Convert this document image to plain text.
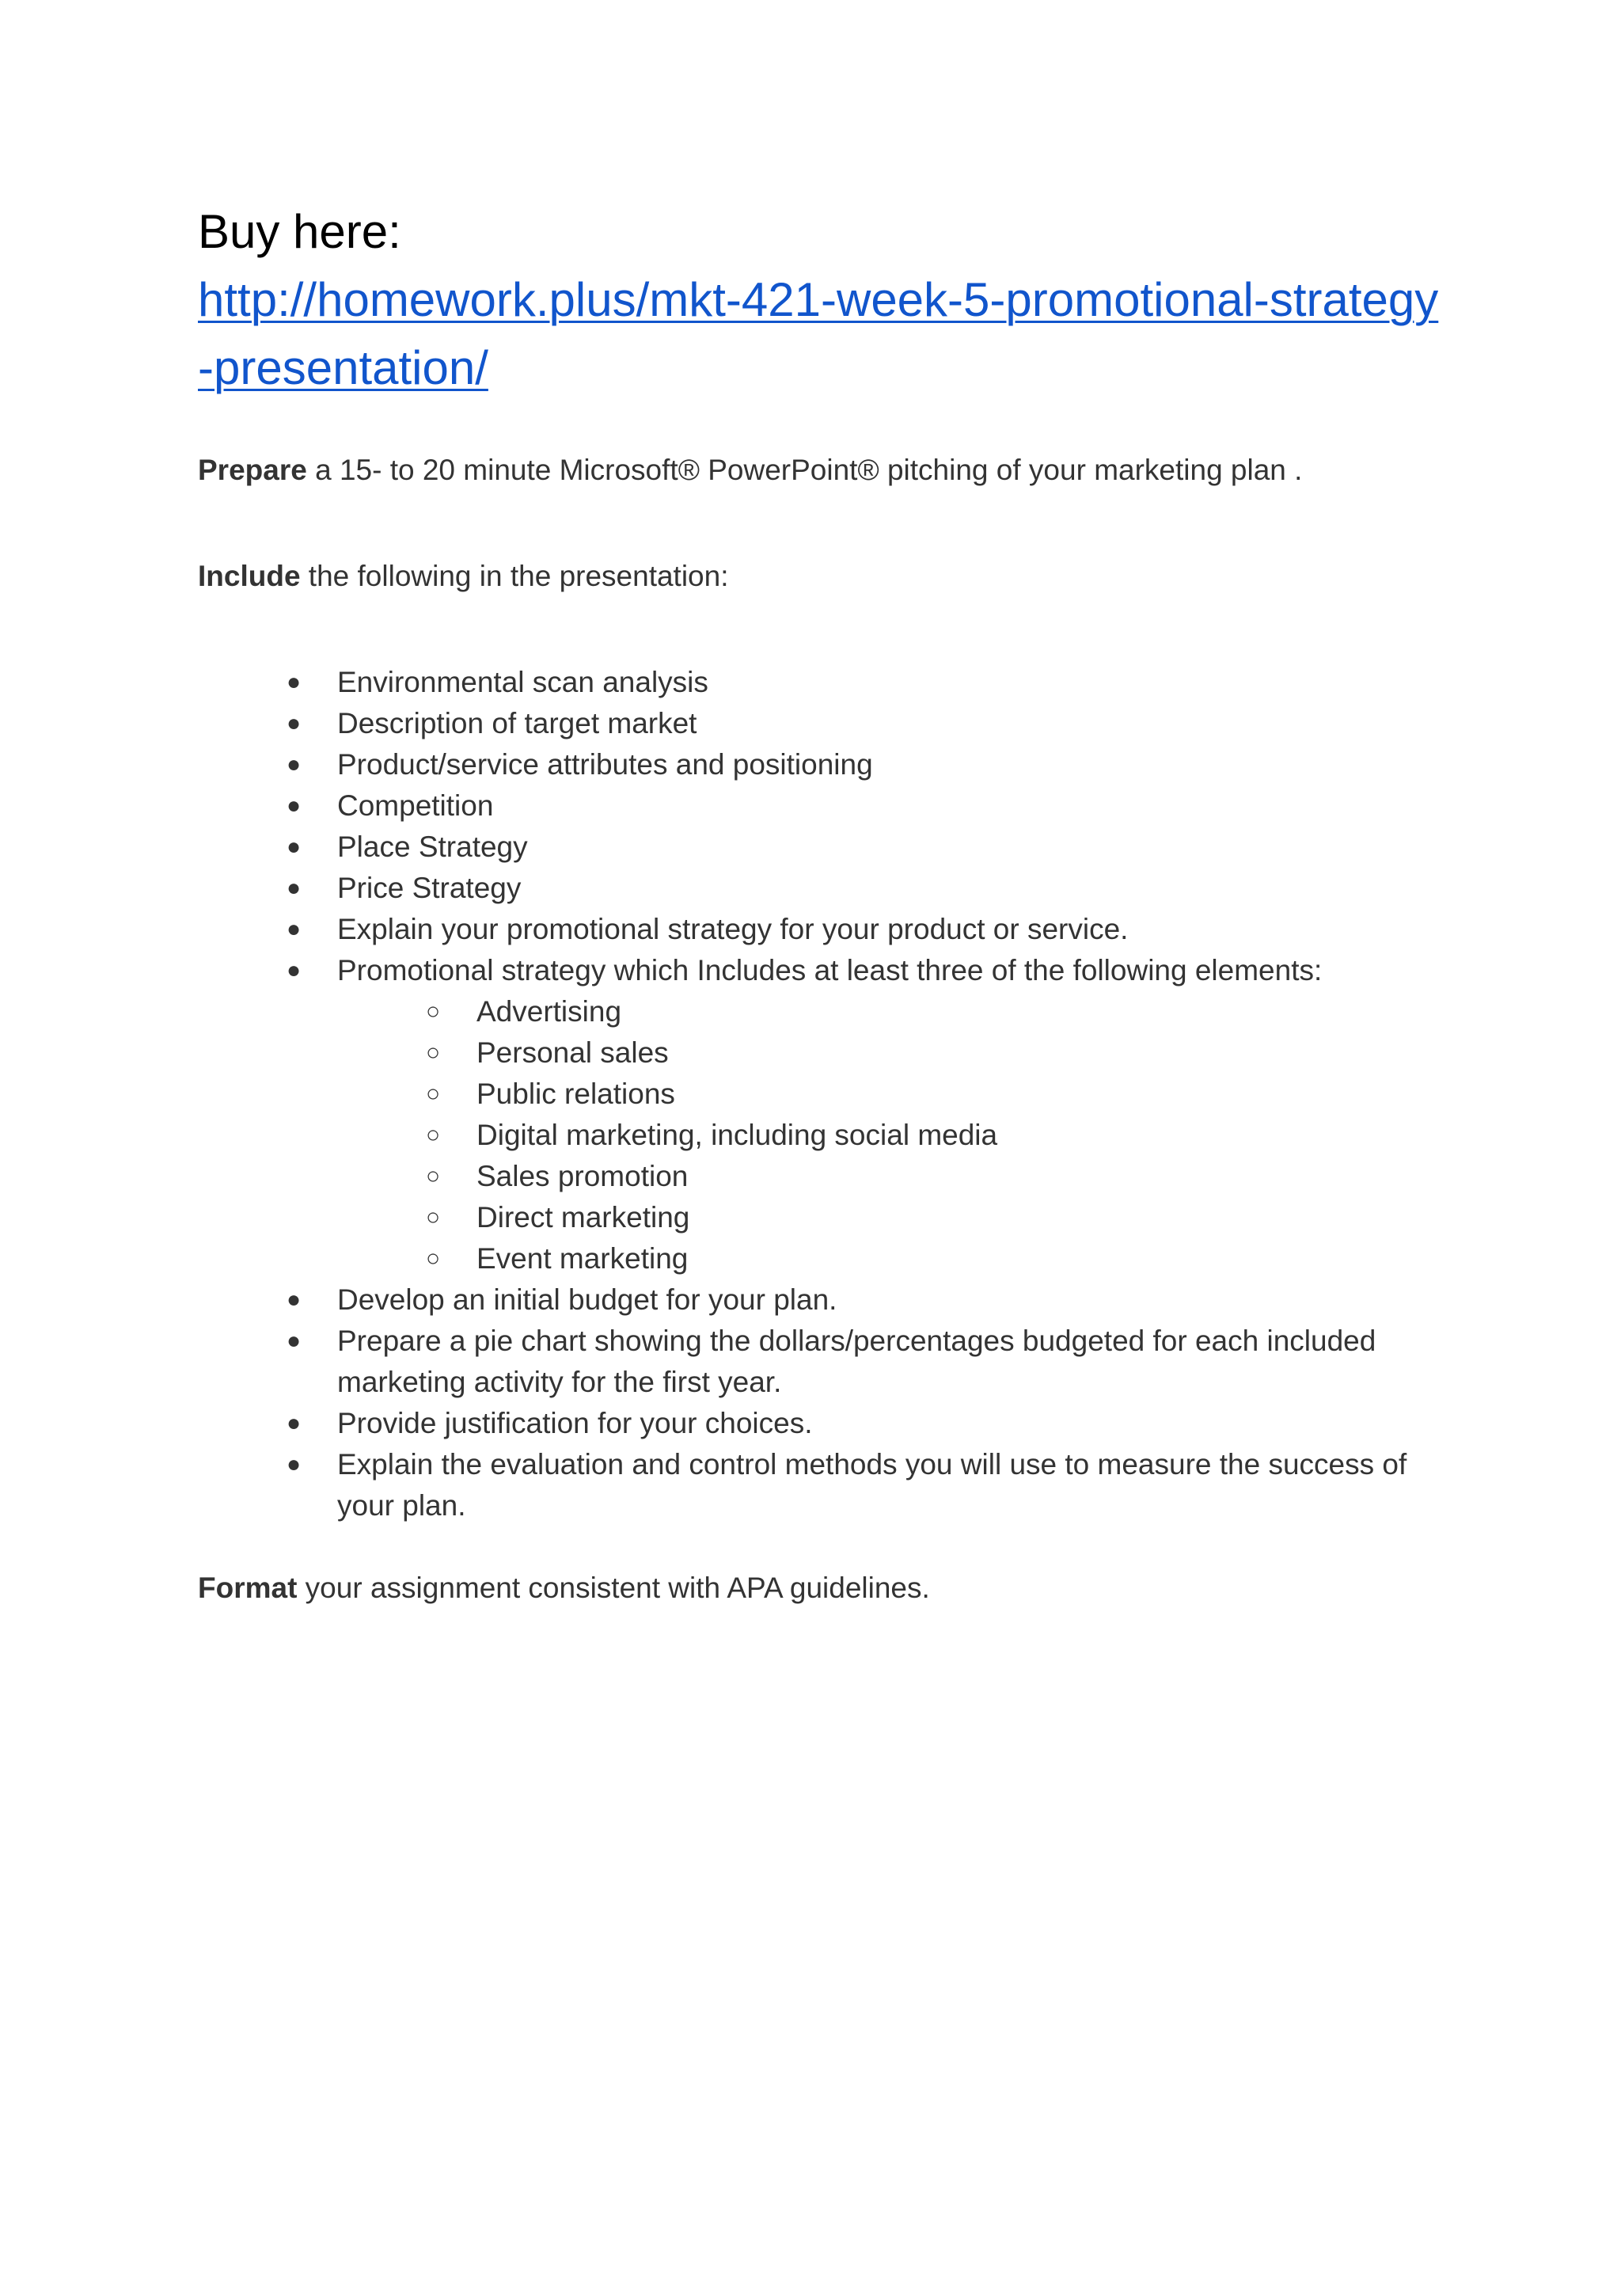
Buy here:
http://homework.plus/mkt-421-week-5-promotional-strategy-presentation/

Prepare a 15- to 20 minute Microsoft® PowerPoint® pitching of your marketing plan .

Include the following in the presentation:

● Environmental scan analysis
● Description of target market
● Product/service attributes and positioning
● Competition
● Place Strategy
● Price Strategy
● Explain your promotional strategy for your product or service.
● Promotional strategy which Includes at least three of the following elements:
○ Advertising
○ Personal sales
○ Public relations
○ Digital marketing, including social media
○ Sales promotion
○ Direct marketing
○ Event marketing
● Develop an initial budget for your plan.
● Prepare a pie chart showing the dollars/percentages budgeted for each included marketing activity for the first year.
● Provide justification for your choices.
● Explain the evaluation and control methods you will use to measure the success of your plan.

Format your assignment consistent with APA guidelines.
